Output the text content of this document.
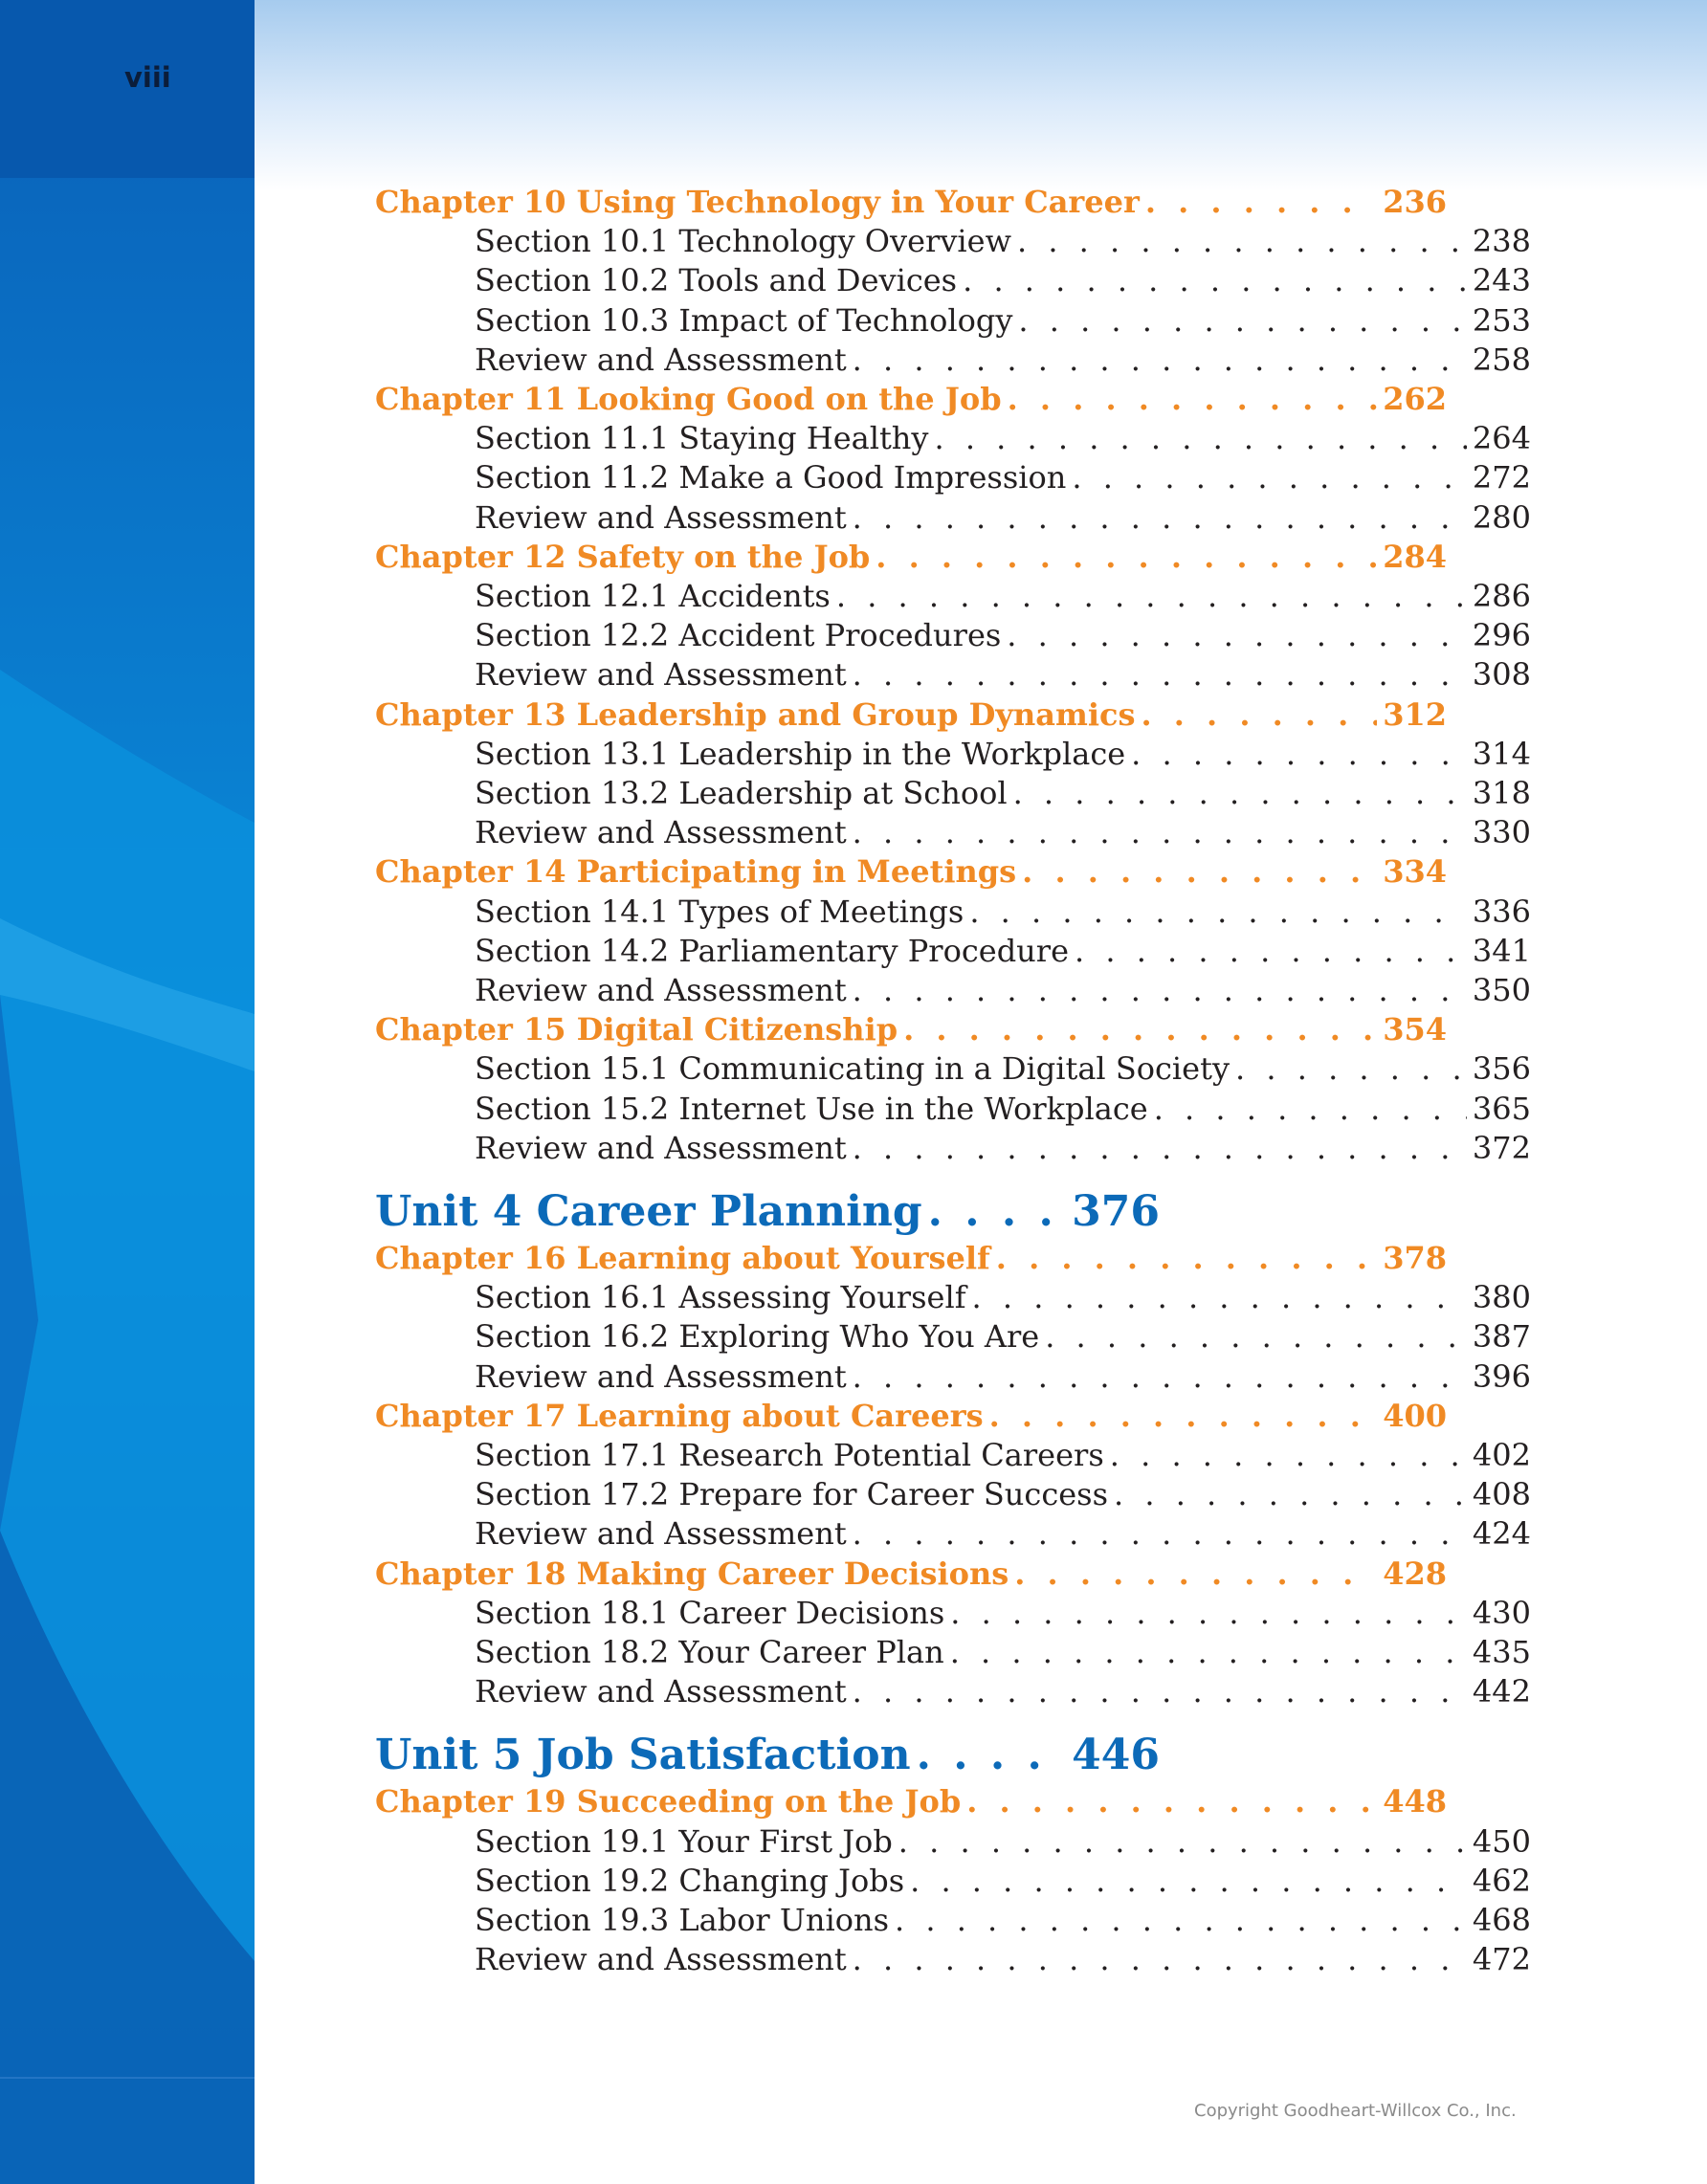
viii
Chapter 10 Using Technology in Your Career . . .	236
Section 10.1 Technology Overview . . .	238
Section 10.2 Tools and Devices . . .	243
Section 10.3 Impact of Technology . . .	253
Review and Assessment . . .	258
Chapter 11 Looking Good on the Job . . .	262
Section 11.1 Staying Healthy . . .	264
Section 11.2 Make a Good Impression . . .	272
Review and Assessment . . .	280
Chapter 12 Safety on the Job . . .	284
Section 12.1 Accidents . . .	286
Section 12.2 Accident Procedures . . .	296
Review and Assessment . . .	308
Chapter 13 Leadership and Group Dynamics . . .	312
Section 13.1 Leadership in the Workplace . . .	314
Section 13.2 Leadership at School . . .	318
Review and Assessment . . .	330
Chapter 14 Participating in Meetings . . .	334
Section 14.1 Types of Meetings . . .	336
Section 14.2 Parliamentary Procedure . . .	341
Review and Assessment . . .	350
Chapter 15 Digital Citizenship . . .	354
Section 15.1 Communicating in a Digital Society . . .	356
Section 15.2 Internet Use in the Workplace . . .	365
Review and Assessment . . .	372
Unit 4 Career Planning . . .	376
Chapter 16 Learning about Yourself . . .	378
Section 16.1 Assessing Yourself . . .	380
Section 16.2 Exploring Who You Are . . .	387
Review and Assessment . . .	396
Chapter 17 Learning about Careers . . .	400
Section 17.1 Research Potential Careers . . .	402
Section 17.2 Prepare for Career Success . . .	408
Review and Assessment . . .	424
Chapter 18 Making Career Decisions . . .	428
Section 18.1 Career Decisions . . .	430
Section 18.2 Your Career Plan . . .	435
Review and Assessment . . .	442
Unit 5 Job Satisfaction . . .	446
Chapter 19 Succeeding on the Job . . .	448
Section 19.1 Your First Job . . .	450
Section 19.2 Changing Jobs . . .	462
Section 19.3 Labor Unions . . .	468
Review and Assessment . . .	472
Copyright Goodheart-Willcox Co., Inc.
